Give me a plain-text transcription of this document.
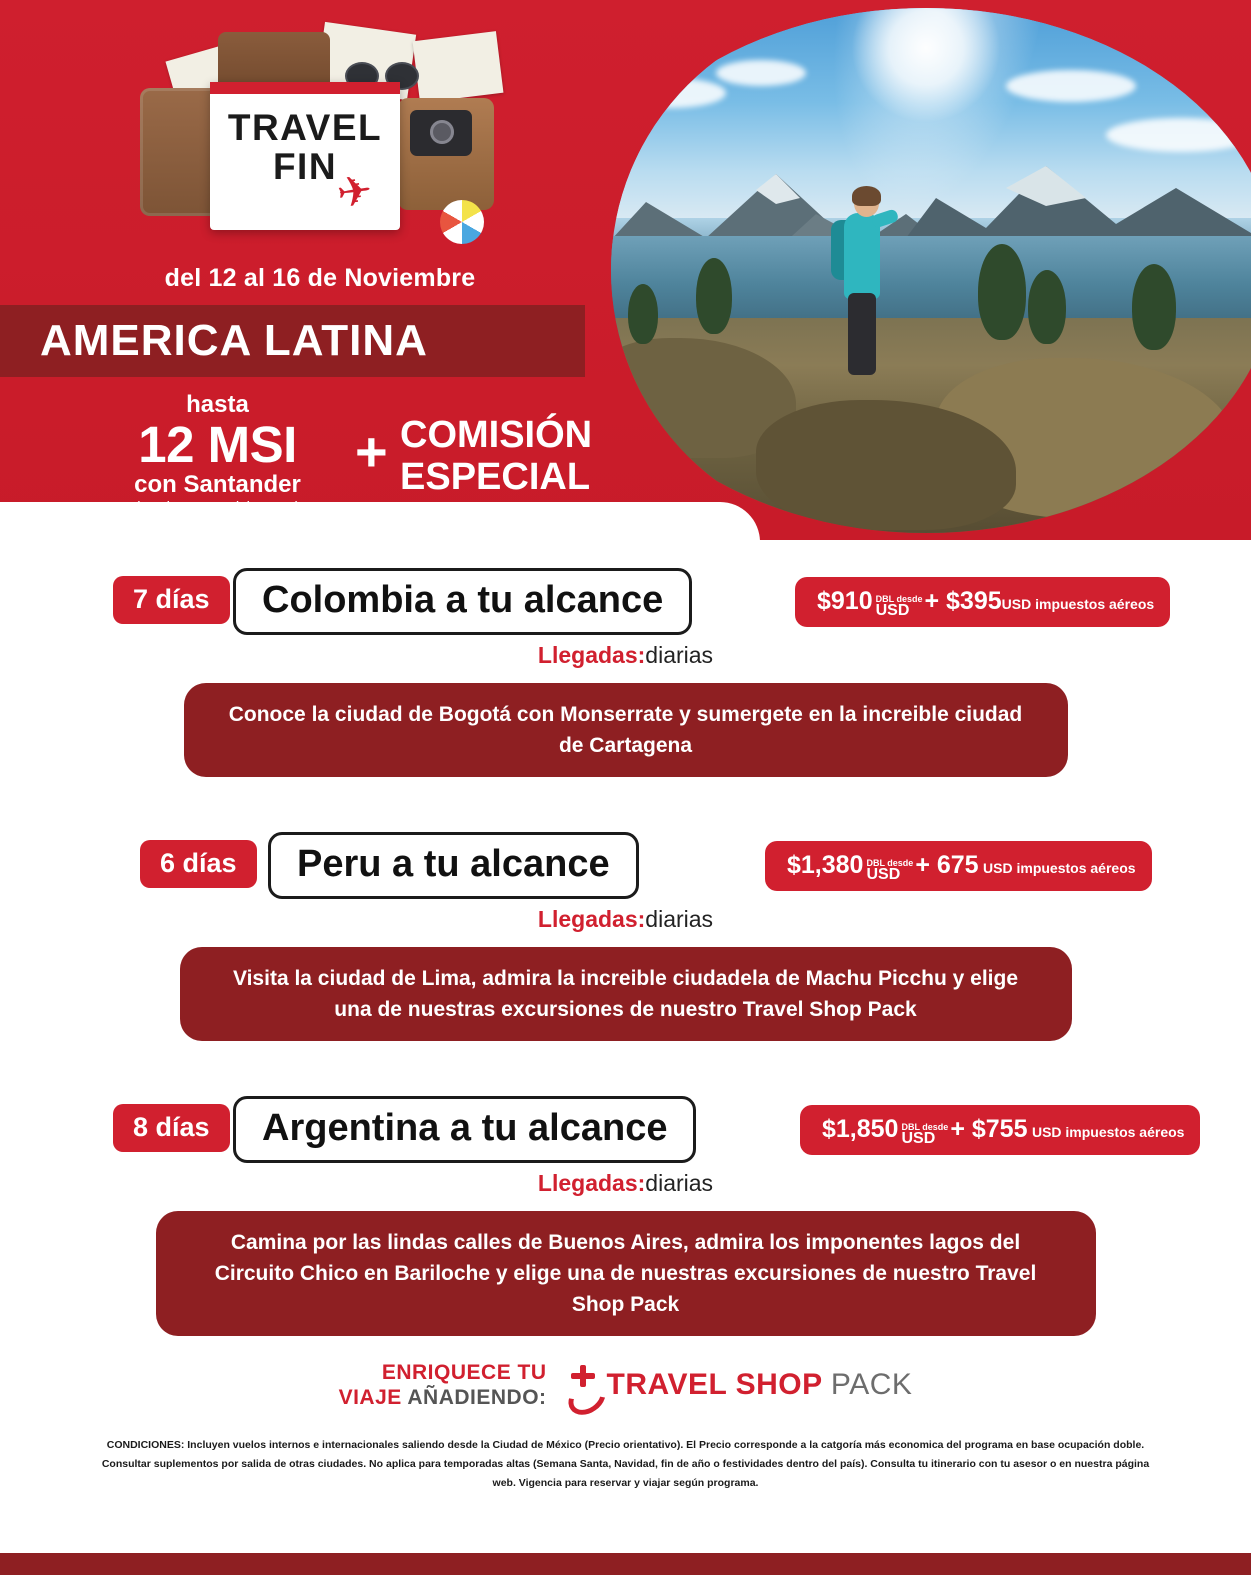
TRAVEL
FIN
✈
del 12 al 16 de Noviembre
AMERICA LATINA
hasta
12 MSI
con Santander
+ COMISIÓN
ESPECIAL
7 días	Colombia a tu alcance	$910 DBL desde
USD + $395USD impuestos aéreos
Llegadas:diarias
Conoce la ciudad de Bogotá con Monserrate y sumergete en la increible ciudad de Cartagena
6 días	Peru a tu alcance	$1,380 DBL desde
USD + 675 USD impuestos aéreos
Llegadas:diarias
Visita la ciudad de Lima, admira la increible ciudadela de Machu Picchu y elige una de nuestras excursiones de nuestro Travel Shop Pack
8 días	Argentina a tu alcance	$1,850 DBL desde
USD + $755 USD impuestos aéreos
Llegadas:diarias
Camina por las lindas calles de Buenos Aires, admira los imponentes lagos del Circuito Chico en Bariloche y elige una de nuestras excursiones de nuestro Travel Shop Pack
ENRIQUECE TU
VIAJE AÑADIENDO: TRAVEL SHOP PACK
CONDICIONES: Incluyen vuelos internos e internacionales saliendo desde la Ciudad de México (Precio orientativo). El Precio corresponde a la catgoría más economica del programa en base ocupación doble. Consultar suplementos por salida de otras ciudades. No aplica para temporadas altas (Semana Santa, Navidad, fin de año o festividades dentro del país). Consulta tu itinerario con tu asesor o en nuestra página web. Vigencia para reservar y viajar según programa.
